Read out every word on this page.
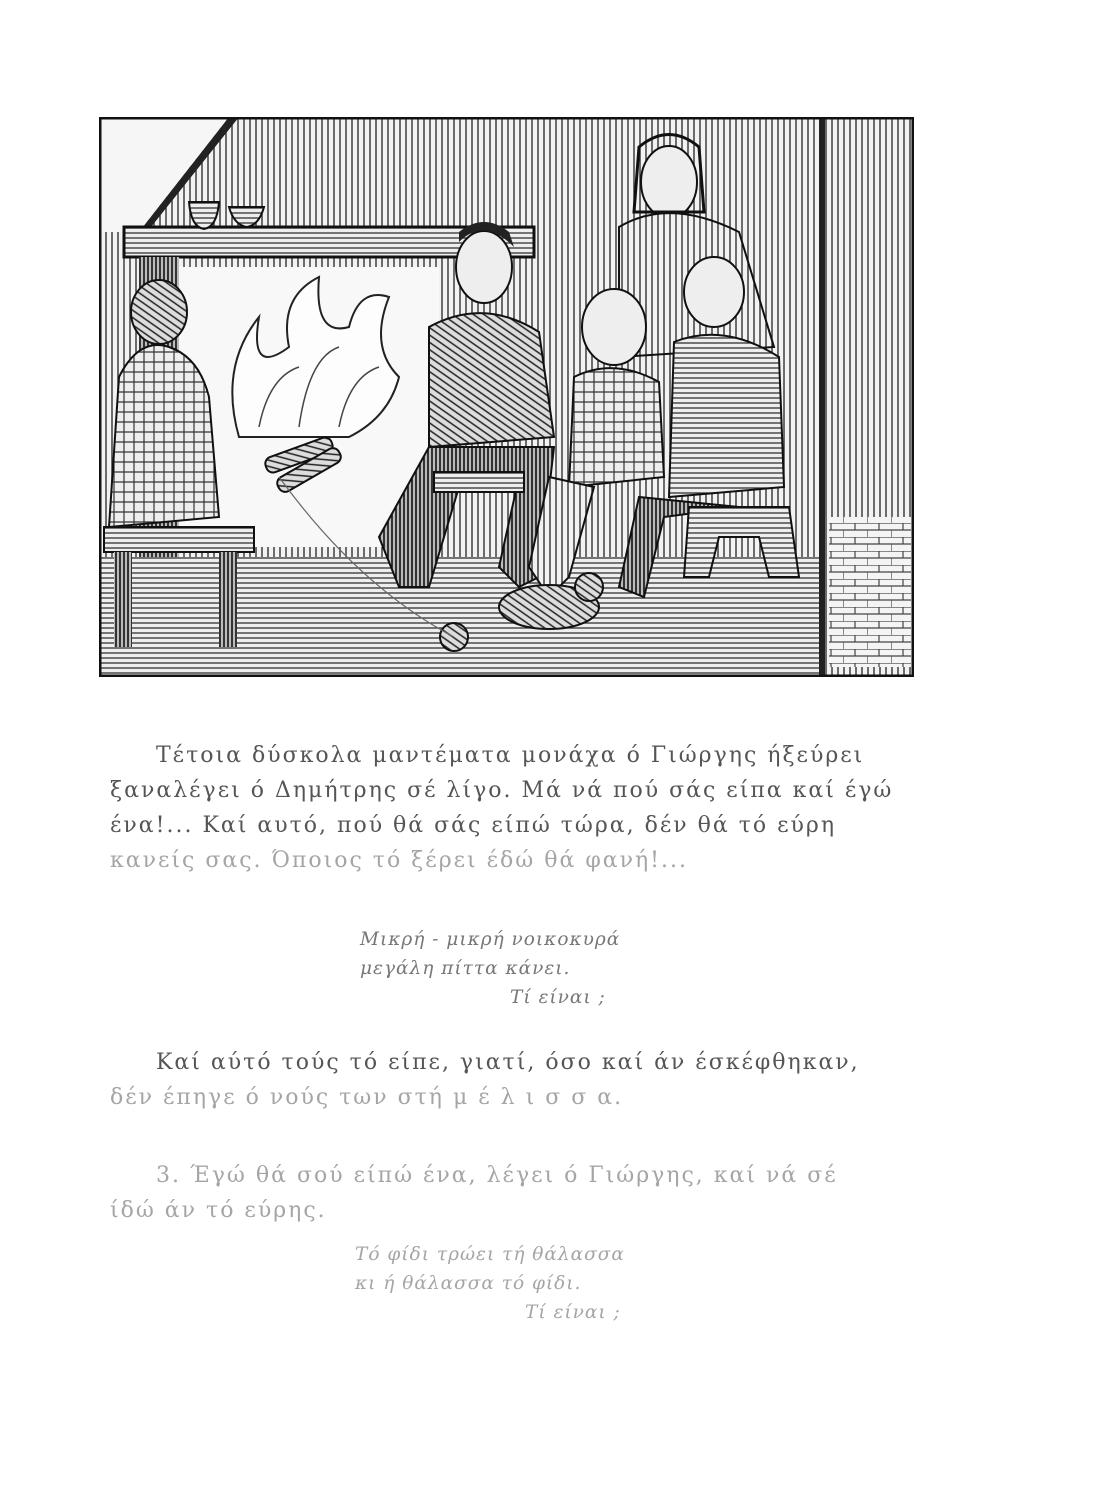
Τέτοια δύσκολα μαντέματα μονάχα ό Γιώργης ήξεύρει
ξαναλέγει ό Δημήτρης σέ λίγο. Μά νά πού σάς είπα καί έγώ
ένα!... Καί αυτό, πού θά σάς είπώ τώρα, δέν θά τό εύρη
κανείς σας. Όποιος τό ξέρει έδώ θά φανή!...

Μικρή - μικρή νοικοκυρά
μεγάλη πίττα κάνει.
Τί είναι ;

Καί αύτό τούς τό είπε, γιατί, όσο καί άν έσκέφθηκαν,
δέν έπηγε ό νούς των στή μ έ λ ι σ σ α.

3. Έγώ θά σού είπώ ένα, λέγει ό Γιώργης, καί νά σέ
ίδώ άν τό εύρης.

Τό φίδι τρώει τή θάλασσα
κι ή θάλασσα τό φίδι.
Τί είναι ;
